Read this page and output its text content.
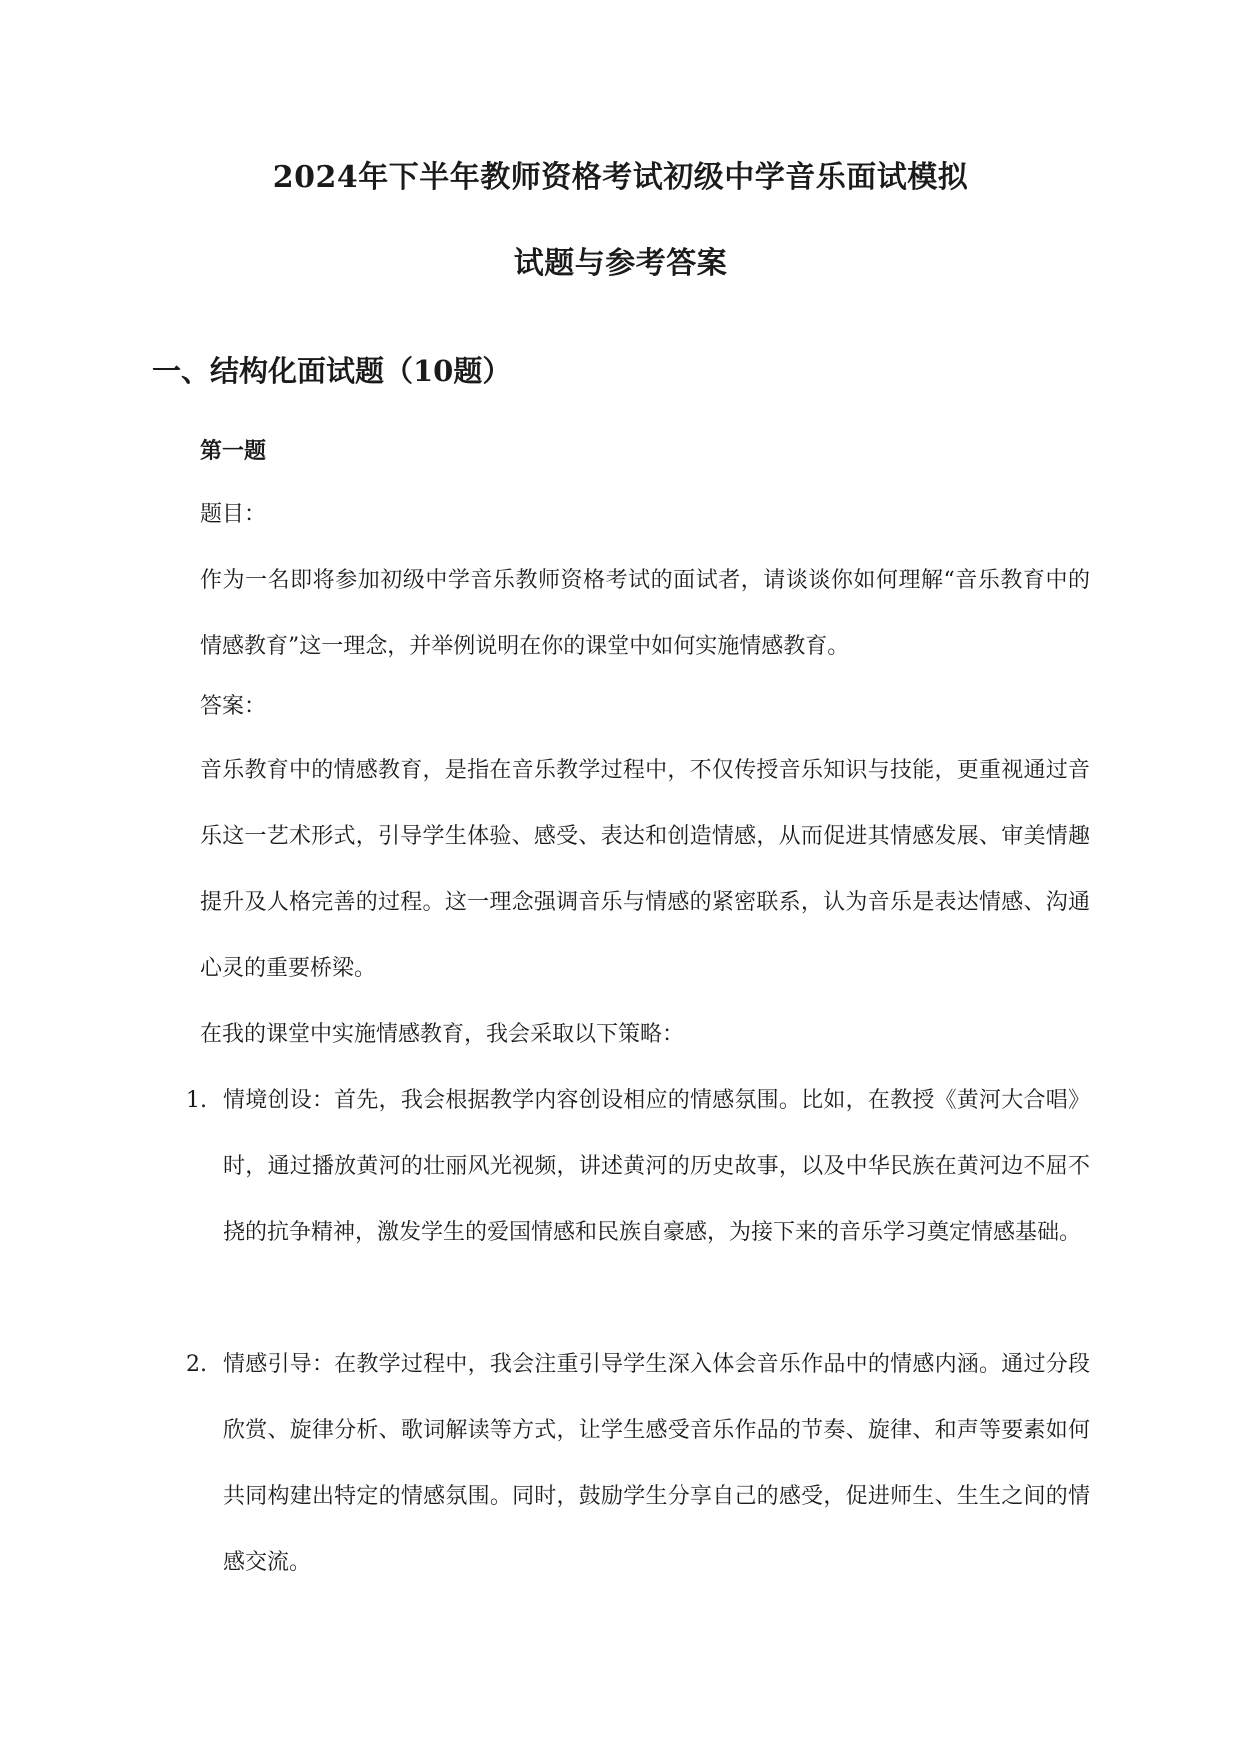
2024年下半年教师资格考试初级中学音乐面试模拟
试题与参考答案
一、结构化面试题（10题）
第一题
题目：
作为一名即将参加初级中学音乐教师资格考试的面试者，请谈谈你如何理解“音乐教育中的情感教育”这一理念，并举例说明在你的课堂中如何实施情感教育。
答案：
音乐教育中的情感教育，是指在音乐教学过程中，不仅传授音乐知识与技能，更重视通过音乐这一艺术形式，引导学生体验、感受、表达和创造情感，从而促进其情感发展、审美情趣提升及人格完善的过程。这一理念强调音乐与情感的紧密联系，认为音乐是表达情感、沟通心灵的重要桥梁。
在我的课堂中实施情感教育，我会采取以下策略：
1. 情境创设：首先，我会根据教学内容创设相应的情感氛围。比如，在教授《黄河大合唱》时，通过播放黄河的壮丽风光视频，讲述黄河的历史故事，以及中华民族在黄河边不屈不挠的抗争精神，激发学生的爱国情感和民族自豪感，为接下来的音乐学习奠定情感基础。
2. 情感引导：在教学过程中，我会注重引导学生深入体会音乐作品中的情感内涵。通过分段欣赏、旋律分析、歌词解读等方式，让学生感受音乐作品的节奏、旋律、和声等要素如何共同构建出特定的情感氛围。同时，鼓励学生分享自己的感受，促进师生、生生之间的情感交流。
